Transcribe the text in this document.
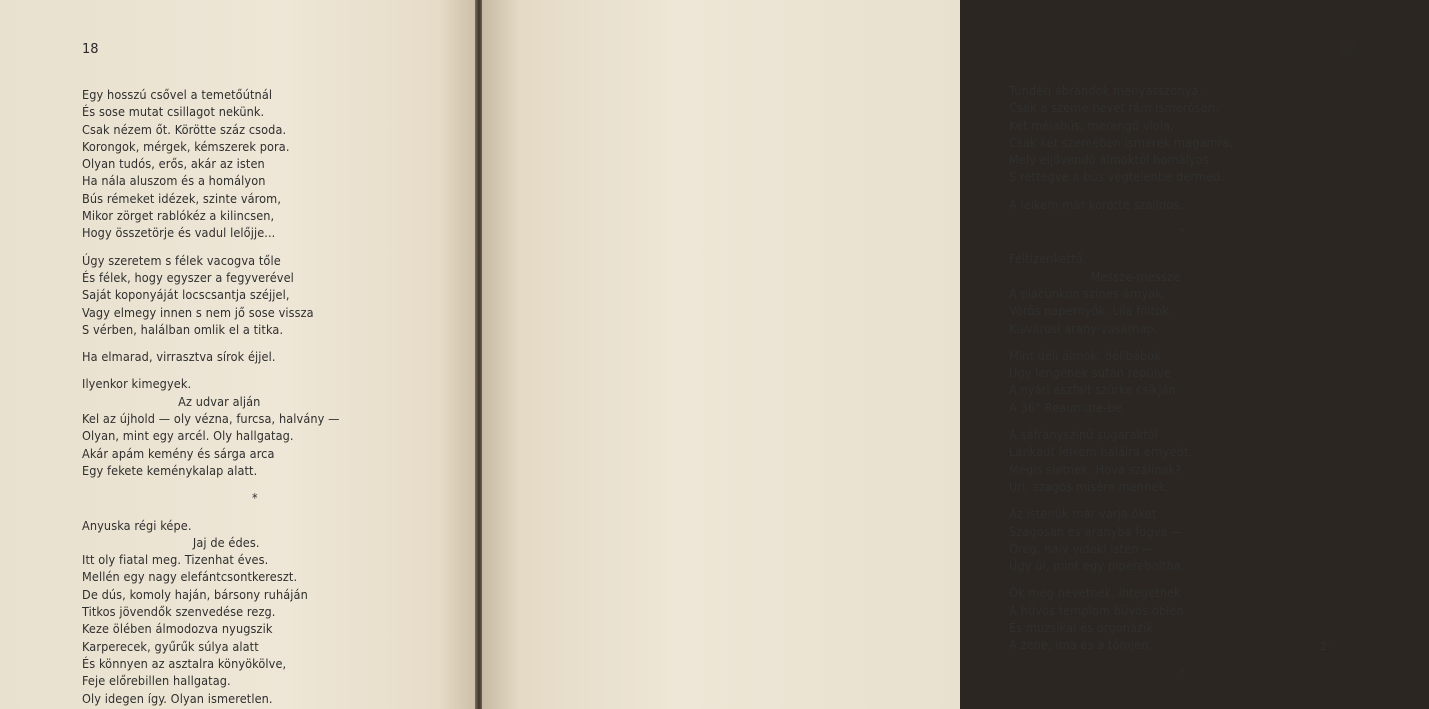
18
Egy hosszú csővel a temetőútnál
És sose mutat csillagot nekünk.
Csak nézem őt. Körötte száz csoda.
Korongok, mérgek, kémszerek pora.
Olyan tudós, erős, akár az isten
Ha nála aluszom és a homályon
Bús rémeket idézek, szinte várom,
Mikor zörget rablókéz a kilincsen,
Hogy összetörje és vadul lelőjje...
Úgy szeretem s félek vacogva tőle
És félek, hogy egyszer a fegyverével
Saját koponyáját locscsantja széjjel,
Vagy elmegy innen s nem jő sose vissza
S vérben, halálban omlik el a titka.
Ha elmarad, virrasztva sírok éjjel.
Ilyenkor kimegyek.
Az udvar alján
Kel az újhold — oly vézna, furcsa, halvány —
Olyan, mint egy arcél. Oly hallgatag.
Akár apám kemény és sárga arca
Egy fekete keménykalap alatt.
*
Anyuska régi képe.
Jaj de édes.
Itt oly fiatal meg. Tizenhat éves.
Mellén egy nagy elefántcsontkereszt.
De dús, komoly haján, bársony ruháján
Titkos jövendők szenvedése rezg.
Keze ölében álmodozva nyugszik
Karperecek, gyűrűk súlya alatt
És könnyen az asztalra könyökölve,
Feje előrebillen hallgatag.
Oly idegen így. Olyan ismeretlen.
19
Tündéri ábrándok menyasszonya.
Csak a szeme nevet rám ismerősen,
Két mélabús, merengő viola,
Csak két szemében ismerek magamra,
Mely eljövendő álmoktól homályos
S rettegve a bús végtelenbe dermed.
A lelkem már körötte szálldos.
*
Féltizenkettő.
Messze-messze
A piacunkon szines árnyak.
Vörös napernyők. Lila foltok.
Kisvárosi arany-vasárnap.
Mint déli álmok, délibábok
Úgy lengenek sután repülve
A nyári aszfalt szürke csíkján
A 36° Reaumure-be.
A sáfrányszínű sugaraktól
Lankadt lelkem halálra ernyedt,
Mégis sietnek. Hova szállnak?
Uri, szagos misére mennek.
Az istenük már várja őket
Szagosan és aranyba fogva —
Öreg, naiv vidéki isten —
Úgy ül, mint egy pipereboltba.
Ők meg nevetnek, integetnek
A hűvös templom bűvös öblén
És muzsikál és orgonázik
A zene, ima és a tömjén.
*
2·
